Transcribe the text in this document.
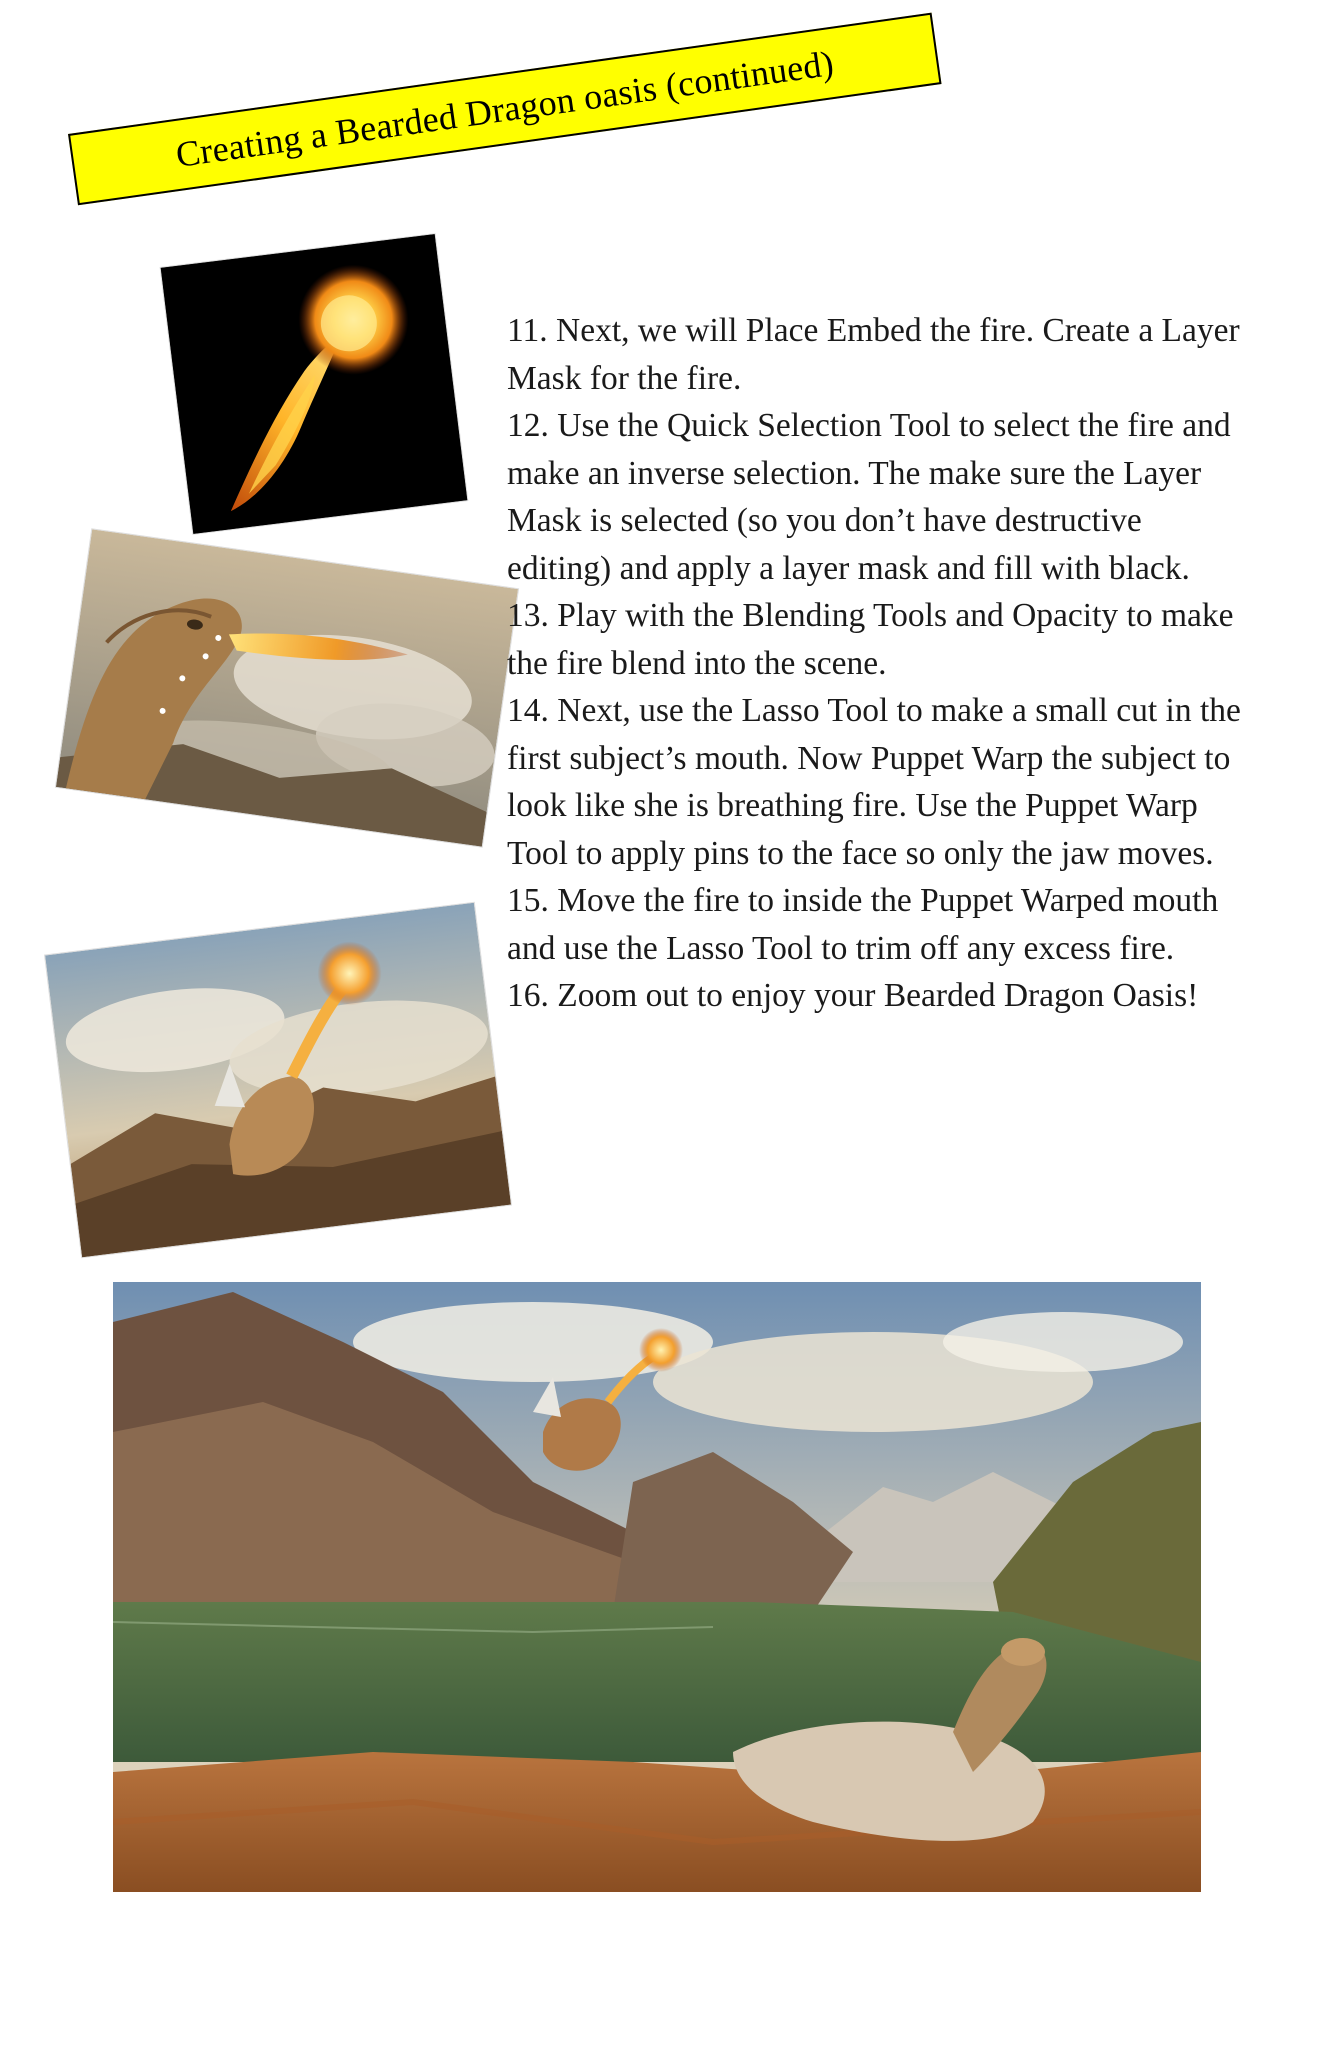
Creating a Bearded Dragon oasis (continued)

11. Next, we will Place Embed the fire. Create a Layer Mask for the fire.

12. Use the Quick Selection Tool to select the fire and make an inverse selection. The make sure the Layer Mask is selected (so you don’t have destructive editing) and apply a layer mask and fill with black.

13. Play with the Blending Tools and Opacity to make the fire blend into the scene.

14. Next, use the Lasso Tool to make a small cut in the first subject’s mouth. Now Puppet Warp the subject to look like she is breathing fire. Use the Puppet Warp Tool to apply pins to the face so only the jaw moves.

15. Move the fire to inside the Puppet Warped mouth and use the Lasso Tool to trim off any excess fire.

16. Zoom out to enjoy your Bearded Dragon Oasis!
